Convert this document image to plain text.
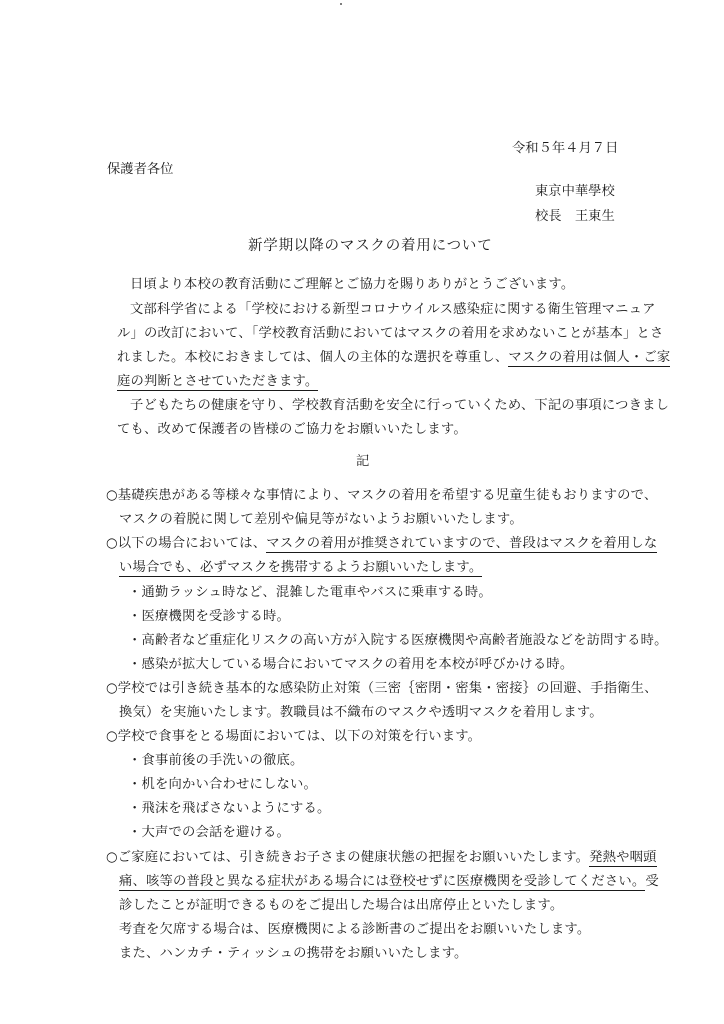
令和５年４月７日
保護者各位
東京中華學校
校長　王東生
新学期以降のマスクの着用について
日頃より本校の教育活動にご理解とご協力を賜りありがとうございます。
文部科学省による「学校における新型コロナウイルス感染症に関する衛生管理マニュア
ル」の改訂において、「学校教育活動においてはマスクの着用を求めないことが基本」とさ
れました。本校におきましては、個人の主体的な選択を尊重し、マスクの着用は個人・ご家
庭の判断とさせていただきます。
子どもたちの健康を守り、学校教育活動を安全に行っていくため、下記の事項につきまし
ても、改めて保護者の皆様のご協力をお願いいたします。
記
○基礎疾患がある等様々な事情により、マスクの着用を希望する児童生徒もおりますので、
マスクの着脱に関して差別や偏見等がないようお願いいたします。
○以下の場合においては、マスクの着用が推奨されていますので、普段はマスクを着用しな
い場合でも、必ずマスクを携帯するようお願いいたします。
・通勤ラッシュ時など、混雑した電車やバスに乗車する時。
・医療機関を受診する時。
・高齢者など重症化リスクの高い方が入院する医療機関や高齢者施設などを訪問する時。
・感染が拡大している場合においてマスクの着用を本校が呼びかける時。
○学校では引き続き基本的な感染防止対策（三密｛密閉・密集・密接｝の回避、手指衛生、
換気）を実施いたします。教職員は不織布のマスクや透明マスクを着用します。
○学校で食事をとる場面においては、以下の対策を行います。
・食事前後の手洗いの徹底。
・机を向かい合わせにしない。
・飛沫を飛ばさないようにする。
・大声での会話を避ける。
○ご家庭においては、引き続きお子さまの健康状態の把握をお願いいたします。発熱や咽頭
痛、咳等の普段と異なる症状がある場合には登校せずに医療機関を受診してください。受
診したことが証明できるものをご提出した場合は出席停止といたします。
考査を欠席する場合は、医療機関による診断書のご提出をお願いいたします。
また、ハンカチ・ティッシュの携帯をお願いいたします。
